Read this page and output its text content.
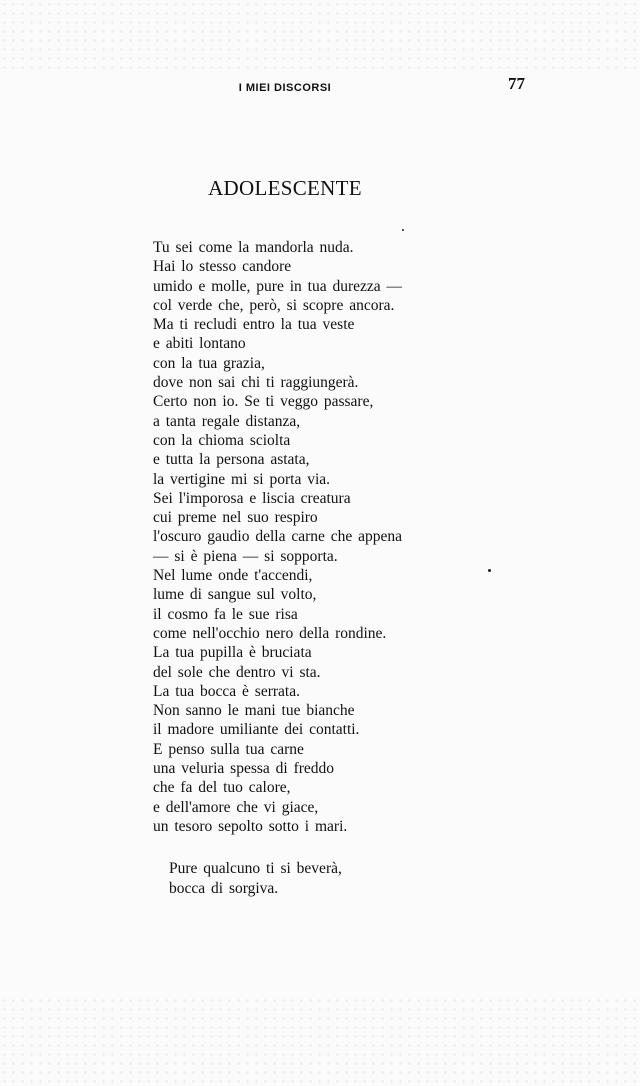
I MIEI DISCORSI	77
ADOLESCENTE
Tu sei come la mandorla nuda.
Hai lo stesso candore
umido e molle, pure in tua durezza —
col verde che, però, si scopre ancora.
Ma ti recludi entro la tua veste
e abiti lontano
con la tua grazia,
dove non sai chi ti raggiungerà.
Certo non io. Se ti veggo passare,
a tanta regale distanza,
con la chioma sciolta
e tutta la persona astata,
la vertigine mi si porta via.
Sei l'imporosa e liscia creatura
cui preme nel suo respiro
l'oscuro gaudio della carne che appena
— si è piena — si sopporta.
Nel lume onde t'accendi,
lume di sangue sul volto,
il cosmo fa le sue risa
come nell'occhio nero della rondine.
La tua pupilla è bruciata
del sole che dentro vi sta.
La tua bocca è serrata.
Non sanno le mani tue bianche
il madore umiliante dei contatti.
E penso sulla tua carne
una veluria spessa di freddo
che fa del tuo calore,
e dell'amore che vi giace,
un tesoro sepolto sotto i mari.
Pure qualcuno ti si beverà,
bocca di sorgiva.
